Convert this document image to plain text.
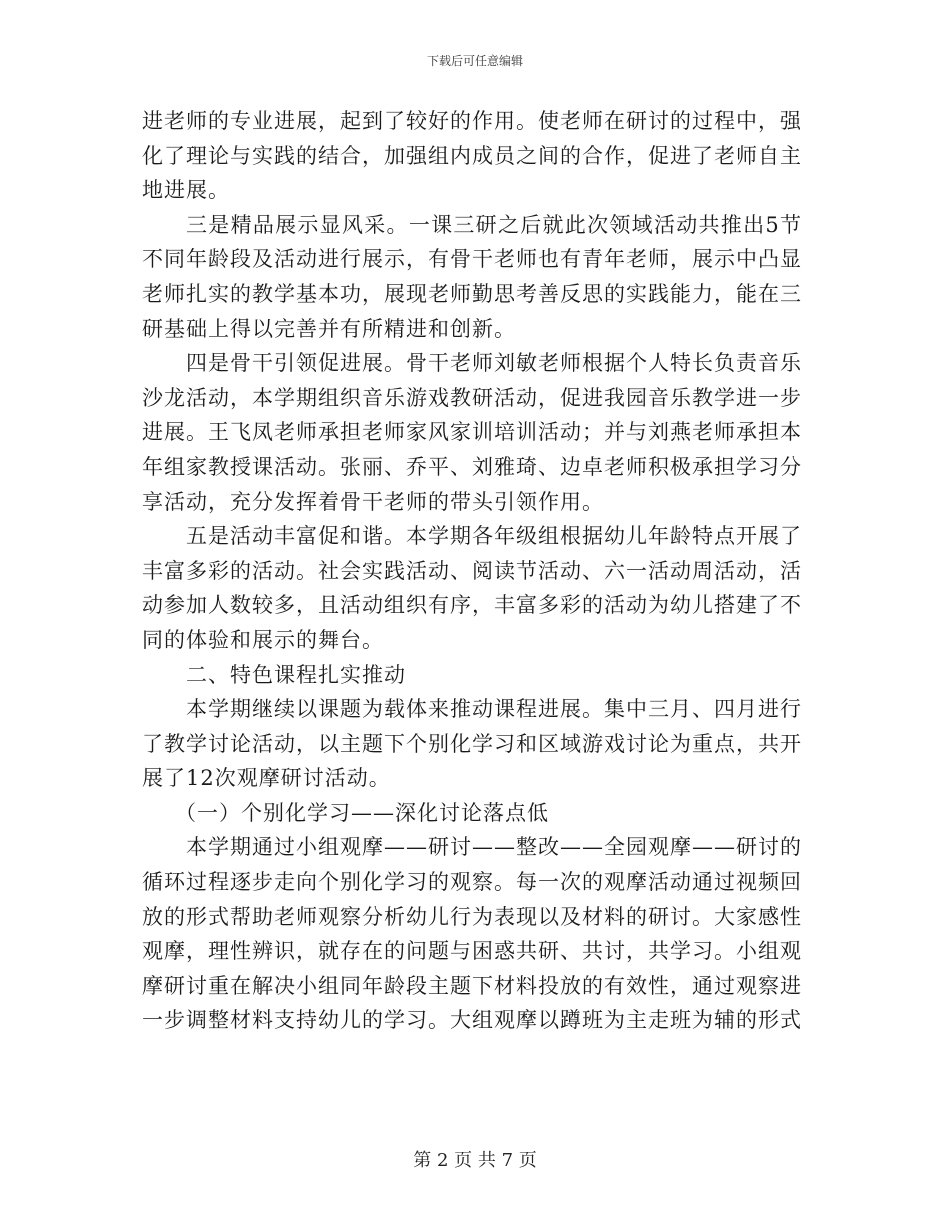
下载后可任意编辑

进老师的专业进展，起到了较好的作用。使老师在研讨的过程中，强化了理论与实践的结合，加强组内成员之间的合作，促进了老师自主地进展。

三是精品展示显风采。一课三研之后就此次领域活动共推出5节不同年龄段及活动进行展示，有骨干老师也有青年老师，展示中凸显老师扎实的教学基本功，展现老师勤思考善反思的实践能力，能在三研基础上得以完善并有所精进和创新。

四是骨干引领促进展。骨干老师刘敏老师根据个人特长负责音乐沙龙活动，本学期组织音乐游戏教研活动，促进我园音乐教学进一步进展。王飞凤老师承担老师家风家训培训活动；并与刘燕老师承担本年组家教授课活动。张丽、乔平、刘雅琦、边卓老师积极承担学习分享活动，充分发挥着骨干老师的带头引领作用。

五是活动丰富促和谐。本学期各年级组根据幼儿年龄特点开展了丰富多彩的活动。社会实践活动、阅读节活动、六一活动周活动，活动参加人数较多，且活动组织有序，丰富多彩的活动为幼儿搭建了不同的体验和展示的舞台。

二、特色课程扎实推动

本学期继续以课题为载体来推动课程进展。集中三月、四月进行了教学讨论活动，以主题下个别化学习和区域游戏讨论为重点，共开展了12次观摩研讨活动。

（一）个别化学习——深化讨论落点低

本学期通过小组观摩——研讨——整改——全园观摩——研讨的循环过程逐步走向个别化学习的观察。每一次的观摩活动通过视频回放的形式帮助老师观察分析幼儿行为表现以及材料的研讨。大家感性观摩，理性辨识，就存在的问题与困惑共研、共讨，共学习。小组观摩研讨重在解决小组同年龄段主题下材料投放的有效性，通过观察进一步调整材料支持幼儿的学习。大组观摩以蹲班为主走班为辅的形式

第 2 页 共 7 页
